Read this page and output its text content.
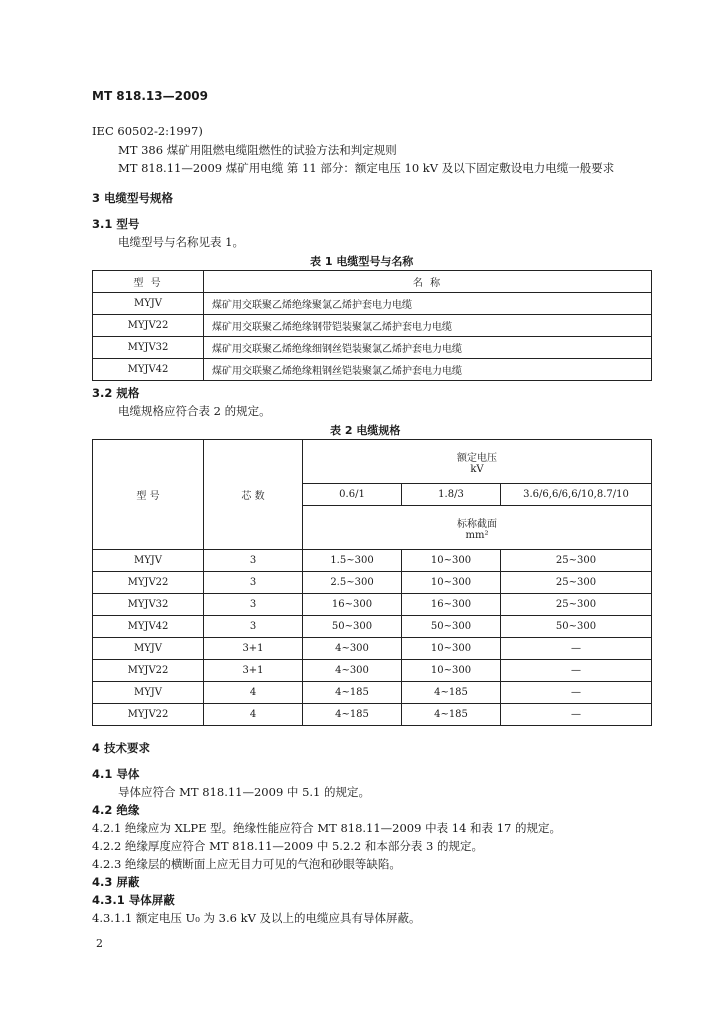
MT 818.13—2009
IEC 60502-2:1997)
MT 386 煤矿用阻燃电缆阻燃性的试验方法和判定规则
MT 818.11—2009 煤矿用电缆 第 11 部分：额定电压 10 kV 及以下固定敷设电力电缆一般要求
3 电缆型号规格
3.1 型号
电缆型号与名称见表 1。
表 1 电缆型号与名称
型 号	名 称
MYJV	煤矿用交联聚乙烯绝缘聚氯乙烯护套电力电缆
MYJV22	煤矿用交联聚乙烯绝缘钢带铠装聚氯乙烯护套电力电缆
MYJV32	煤矿用交联聚乙烯绝缘细钢丝铠装聚氯乙烯护套电力电缆
MYJV42	煤矿用交联聚乙烯绝缘粗钢丝铠装聚氯乙烯护套电力电缆
3.2 规格
电缆规格应符合表 2 的规定。
表 2 电缆规格
型 号	芯 数	额定电压
kV		

		0.6/1	1.8/3	3.6/6,6/6,6/10,8.7/10

		标称截面
mm²		

MYJV	3	1.5~300	10~300	25~300
MYJV22	3	2.5~300	10~300	25~300
MYJV32	3	16~300	16~300	25~300
MYJV42	3	50~300	50~300	50~300
MYJV	3+1	4~300	10~300	—
MYJV22	3+1	4~300	10~300	—
MYJV	4	4~185	4~185	—
MYJV22	4	4~185	4~185	—
4 技术要求
4.1 导体
导体应符合 MT 818.11—2009 中 5.1 的规定。
4.2 绝缘
4.2.1 绝缘应为 XLPE 型。绝缘性能应符合 MT 818.11—2009 中表 14 和表 17 的规定。
4.2.2 绝缘厚度应符合 MT 818.11—2009 中 5.2.2 和本部分表 3 的规定。
4.2.3 绝缘层的横断面上应无目力可见的气泡和砂眼等缺陷。
4.3 屏蔽
4.3.1 导体屏蔽
4.3.1.1 额定电压 U₀ 为 3.6 kV 及以上的电缆应具有导体屏蔽。
2
